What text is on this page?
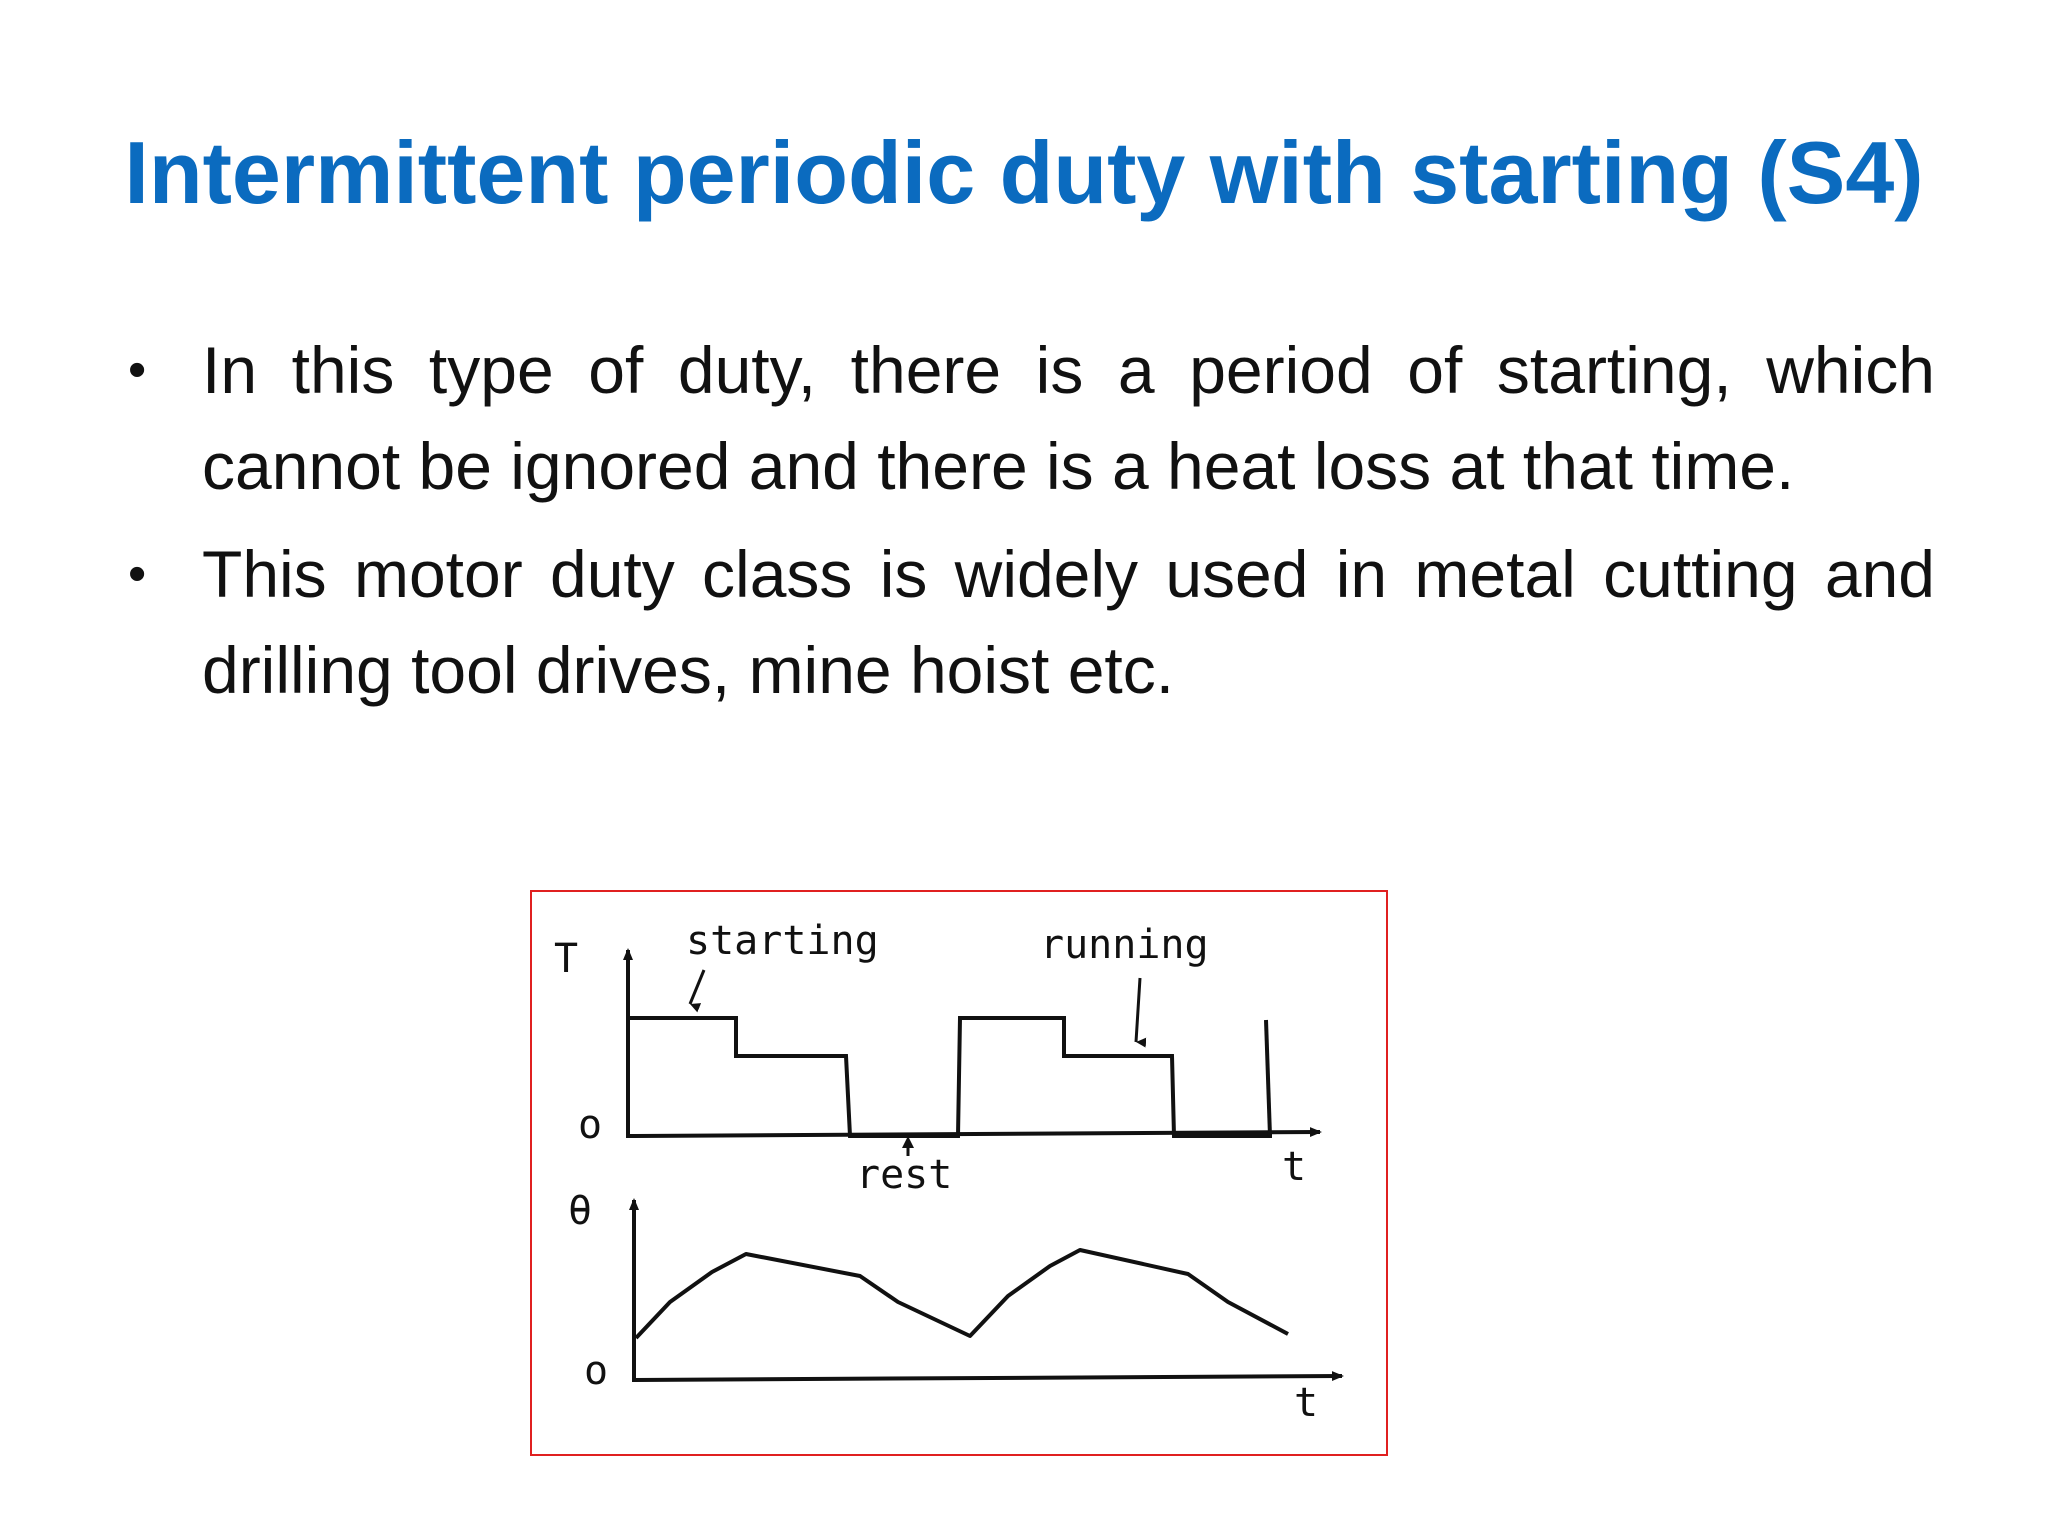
Intermittent periodic duty with starting (S4)
• In this type of duty, there is a period of starting, which cannot be ignored and there is a heat loss at that time.
• This motor duty class is widely used in metal cutting and drilling tool drives, mine hoist etc.
T
o
t
starting	running
rest
θ
o
t
